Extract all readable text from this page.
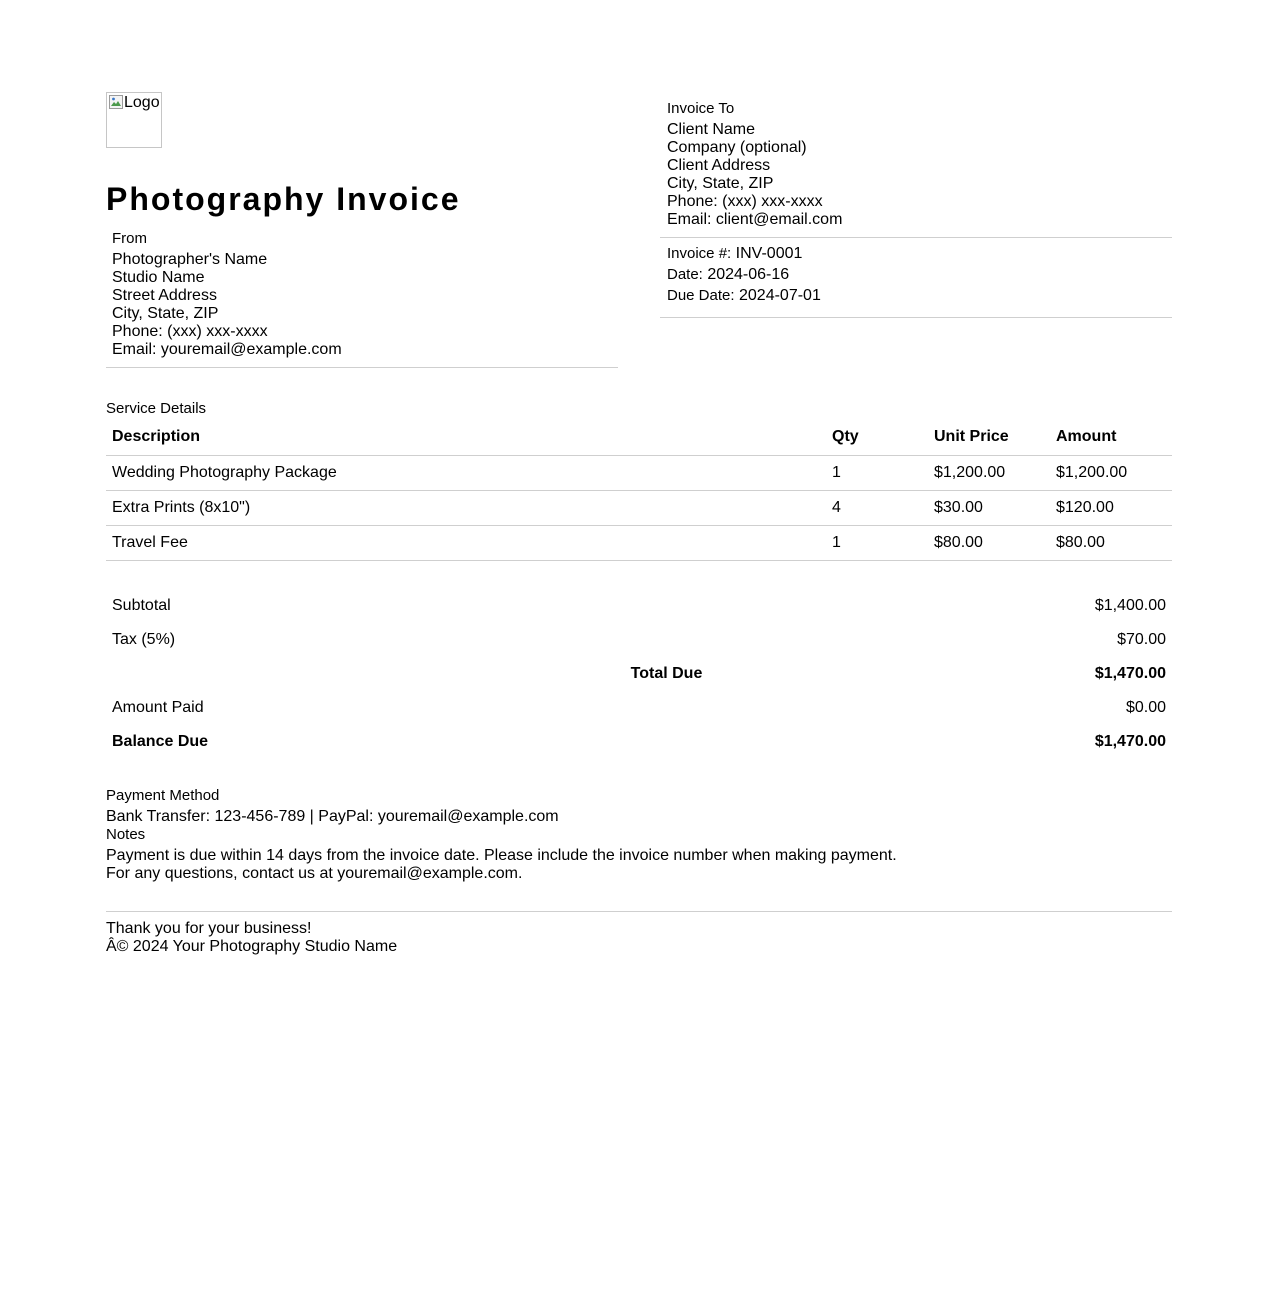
Logo
Photography Invoice
From
Photographer's Name
Studio Name
Street Address
City, State, ZIP
Phone: (xxx) xxx-xxxx
Email: youremail@example.com
Invoice To
Client Name
Company (optional)
Client Address
City, State, ZIP
Phone: (xxx) xxx-xxxx
Email: client@email.com
Invoice #: INV-0001
Date: 2024-06-16
Due Date: 2024-07-01
Service Details
Description	Qty	Unit Price	Amount
Wedding Photography Package	1	$1,200.00	$1,200.00
Extra Prints (8x10")	4	$30.00	$120.00
Travel Fee	1	$80.00	$80.00
Subtotal	$1,400.00
Tax (5%)	$70.00
Total Due	$1,470.00
Amount Paid	$0.00
Balance Due	$1,470.00
Payment Method
Bank Transfer: 123-456-789 | PayPal: youremail@example.com
Notes
Payment is due within 14 days from the invoice date. Please include the invoice number when making payment.
For any questions, contact us at youremail@example.com.
Thank you for your business!
Â© 2024 Your Photography Studio Name
